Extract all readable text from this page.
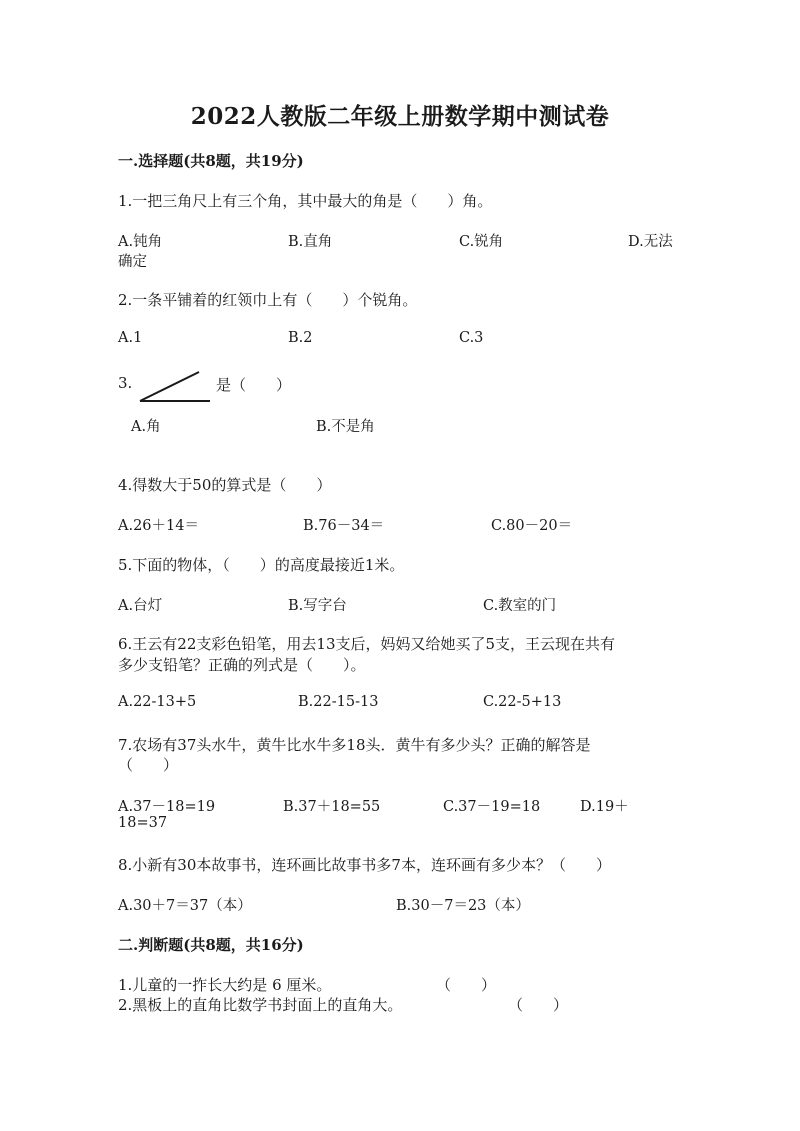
2022人教版二年级上册数学期中测试卷
一.选择题(共8题，共19分)
1.一把三角尺上有三个角，其中最大的角是（　　）角。
A.钝角	B.直角	C.锐角	D.无法
确定
2.一条平铺着的红领巾上有（　　）个锐角。
A.1	B.2	C.3
3.	是（　　）
A.角	B.不是角
4.得数大于50的算式是（　　）
A.26＋14＝	B.76－34＝	C.80－20＝
5.下面的物体，（　　）的高度最接近1米。
A.台灯	B.写字台	C.教室的门
6.王云有22支彩色铅笔，用去13支后，妈妈又给她买了5支，王云现在共有
多少支铅笔？正确的列式是（　　）。
A.22-13+5	B.22-15-13	C.22-5+13
7.农场有37头水牛，黄牛比水牛多18头．黄牛有多少头？正确的解答是
（　　）
A.37－18=19	B.37＋18=55	C.37－19=18	D.19＋
18=37
8.小新有30本故事书，连环画比故事书多7本，连环画有多少本？（　　）
A.30＋7＝37（本）	B.30－7＝23（本）
二.判断题(共8题，共16分)
1.儿童的一拃长大约是 6 厘米。	（　　）
2.黑板上的直角比数学书封面上的直角大。	（　　）
